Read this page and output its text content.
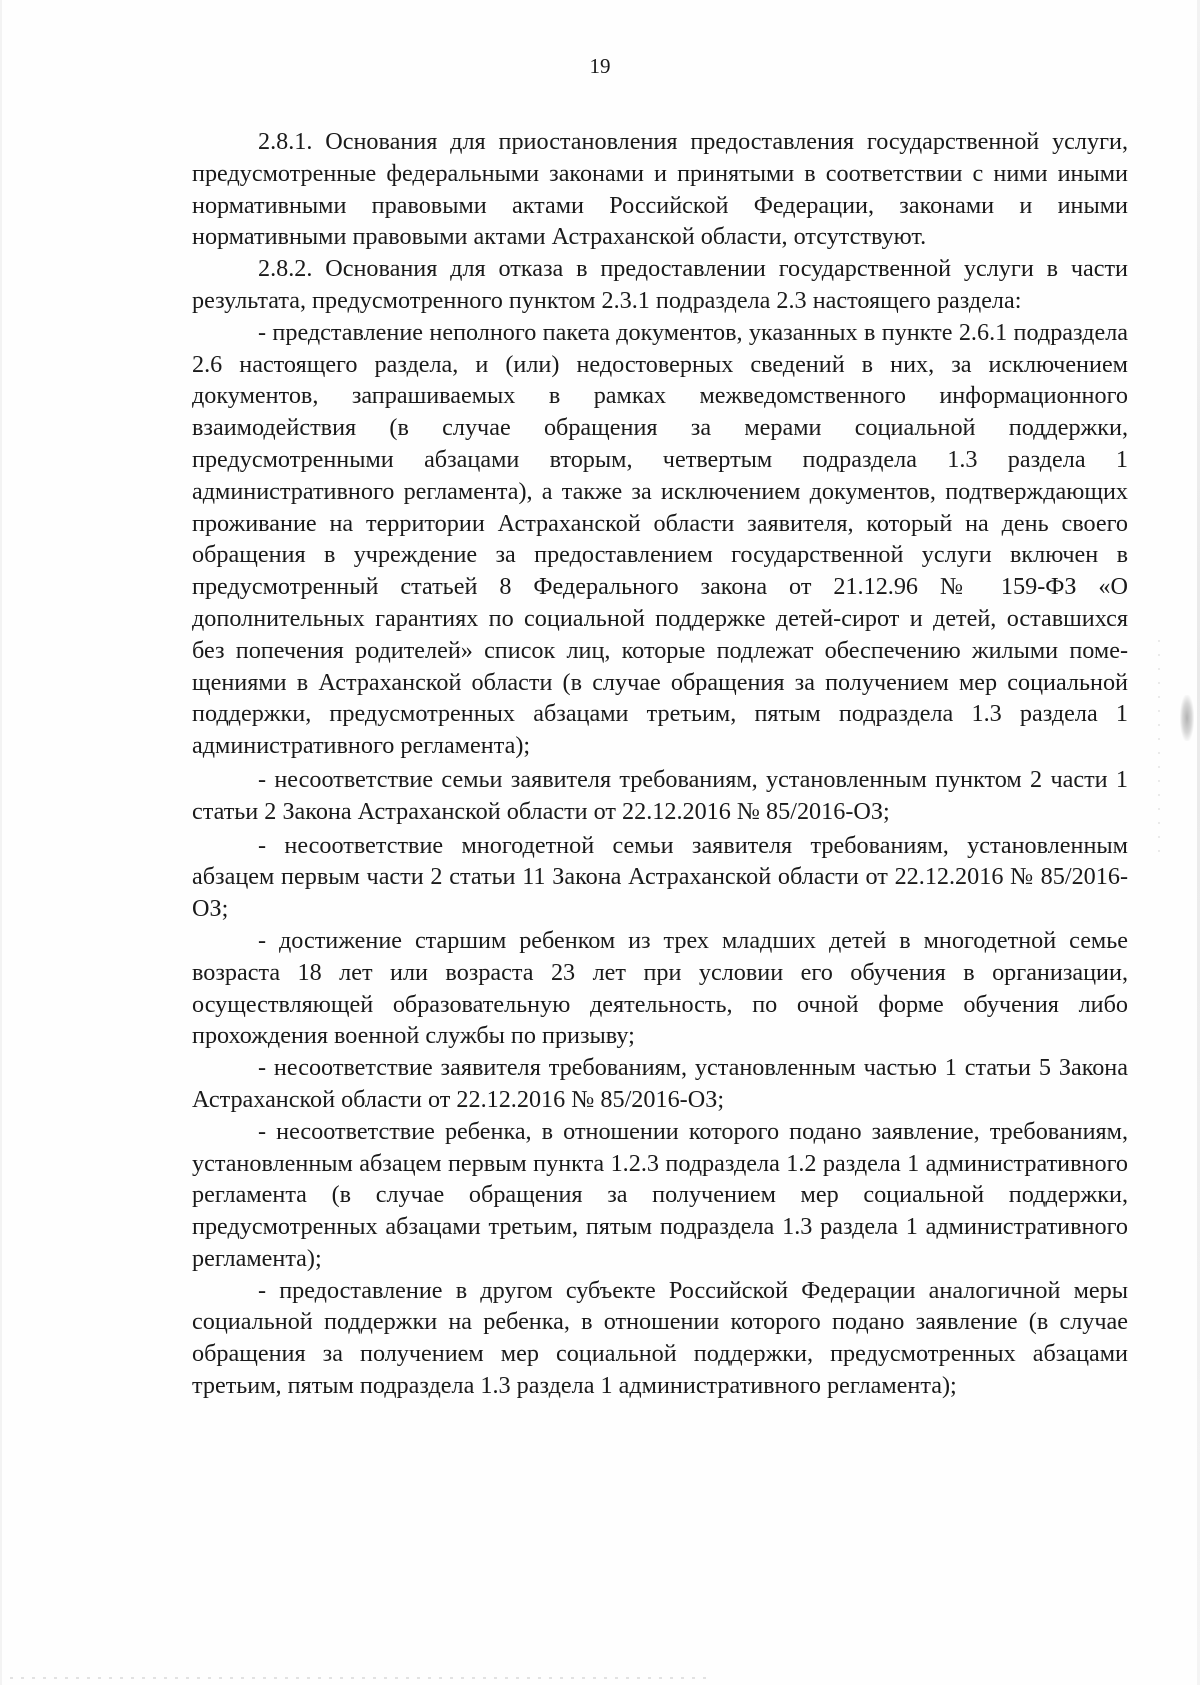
19

2.8.1. Основания для приостановления предоставления государственной услуги, предусмотренные федеральными законами и принятыми в соответствии с ними иными нормативными правовыми актами Российской Федерации, законами и иными нормативными правовыми актами Астраханской области, отсутствуют.

2.8.2. Основания для отказа в предоставлении государственной услуги в части результата, предусмотренного пунктом 2.3.1 подраздела 2.3 настоящего раздела:

- представление неполного пакета документов, указанных в пункте 2.6.1 подраздела 2.6 настоящего раздела, и (или) недостоверных сведений в них, за исключением документов, запрашиваемых в рамках межведомственного информационного взаимодействия (в случае обращения за мерами социальной поддержки, предусмотренными абзацами вторым, четвертым подраздела 1.3 раздела 1 административного регламента), а также за исключением документов, подтверждающих проживание на территории Астраханской области заявителя, который на день своего обращения в учреждение за предоставлением государственной услуги включен в предусмотренный статьей 8 Федерального закона от 21.12.96 № 159-ФЗ «О дополнительных гарантиях по социальной поддержке детей-сирот и детей, оставшихся без попечения родителей» список лиц, которые подлежат обеспечению жилыми помещениями в Астраханской области (в случае обращения за получением мер социальной поддержки, предусмотренных абзацами третьим, пятым подраздела 1.3 раздела 1 административного регламента);

- несоответствие семьи заявителя требованиям, установленным пунктом 2 части 1 статьи 2 Закона Астраханской области от 22.12.2016 № 85/2016-ОЗ;

- несоответствие многодетной семьи заявителя требованиям, установленным абзацем первым части 2 статьи 11 Закона Астраханской области от 22.12.2016 № 85/2016-ОЗ;

- достижение старшим ребенком из трех младших детей в многодетной семье возраста 18 лет или возраста 23 лет при условии его обучения в организации, осуществляющей образовательную деятельность, по очной форме обучения либо прохождения военной службы по призыву;

- несоответствие заявителя требованиям, установленным частью 1 статьи 5 Закона Астраханской области от 22.12.2016 № 85/2016-ОЗ;

- несоответствие ребенка, в отношении которого подано заявление, требованиям, установленным абзацем первым пункта 1.2.3 подраздела 1.2 раздела 1 административного регламента (в случае обращения за получением мер социальной поддержки, предусмотренных абзацами третьим, пятым подраздела 1.3 раздела 1 административного регламента);

- предоставление в другом субъекте Российской Федерации аналогичной меры социальной поддержки на ребенка, в отношении которого подано заявление (в случае обращения за получением мер социальной поддержки, предусмотренных абзацами третьим, пятым подраздела 1.3 раздела 1 административного регламента);
